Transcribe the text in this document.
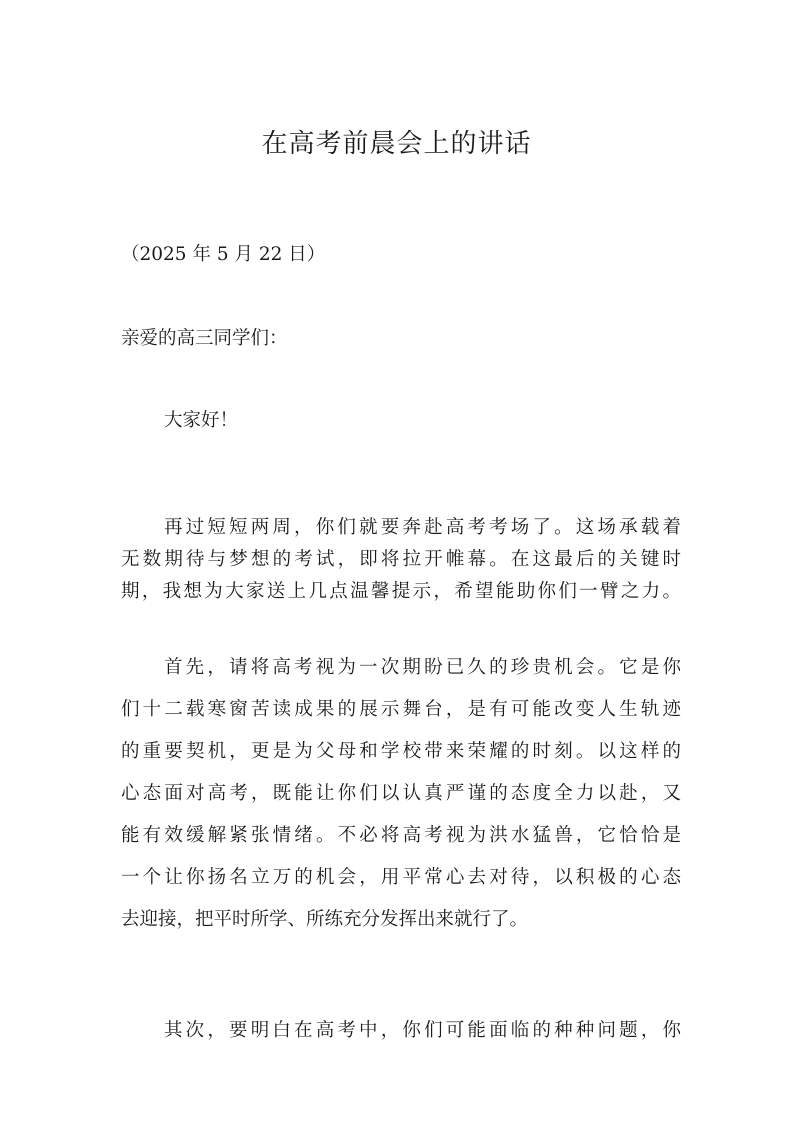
在高考前晨会上的讲话
（2025 年 5 月 22 日）
亲爱的高三同学们：
大家好！
再过短短两周，你们就要奔赴高考考场了。这场承载着
无数期待与梦想的考试，即将拉开帷幕。在这最后的关键时
期，我想为大家送上几点温馨提示，希望能助你们一臂之力。
首先，请将高考视为一次期盼已久的珍贵机会。它是你
们十二载寒窗苦读成果的展示舞台，是有可能改变人生轨迹
的重要契机，更是为父母和学校带来荣耀的时刻。以这样的
心态面对高考，既能让你们以认真严谨的态度全力以赴，又
能有效缓解紧张情绪。不必将高考视为洪水猛兽，它恰恰是
一个让你扬名立万的机会，用平常心去对待，以积极的心态
去迎接，把平时所学、所练充分发挥出来就行了。
其次，要明白在高考中，你们可能面临的种种问题，你
